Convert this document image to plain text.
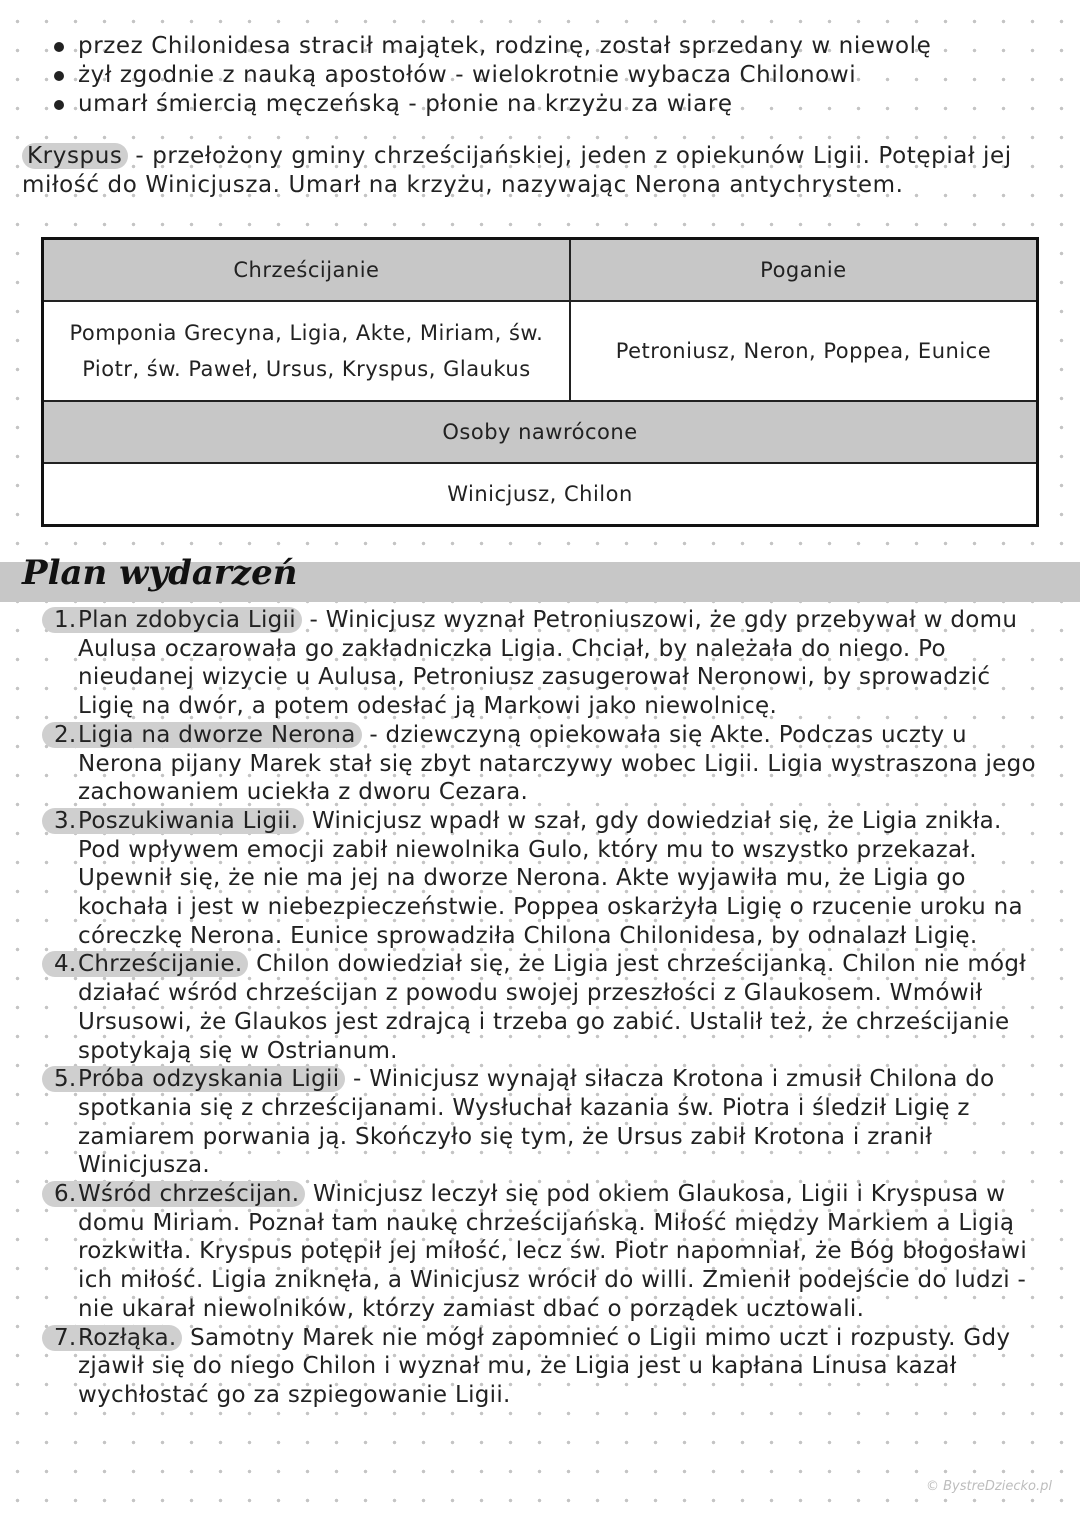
przez Chilonidesa stracił majątek, rodzinę, został sprzedany w niewolę
żył zgodnie z nauką apostołów - wielokrotnie wybacza Chilonowi
umarł śmiercią męczeńską - płonie na krzyżu za wiarę
Kryspus - przełożony gminy chrześcijańskiej, jeden z opiekunów Ligii. Potępiał jej miłość do Winicjusza. Umarł na krzyżu, nazywając Nerona antychrystem.
Chrześcijanie	Poganie
Pomponia Grecyna, Ligia, Akte, Miriam, św.
Piotr, św. Paweł, Ursus, Kryspus, Glaukus	Petroniusz, Neron, Poppea, Eunice
Osoby nawrócone	
Winicjusz, Chilon	
Plan wydarzeń
1. Plan zdobycia Ligii - Winicjusz wyznał Petroniuszowi, że gdy przebywał w domu Aulusa oczarowała go zakładniczka Ligia. Chciał, by należała do niego. Po nieudanej wizycie u Aulusa, Petroniusz zasugerował Neronowi, by sprowadzić Ligię na dwór, a potem odesłać ją Markowi jako niewolnicę.
2. Ligia na dworze Nerona - dziewczyną opiekowała się Akte. Podczas uczty u Nerona pijany Marek stał się zbyt natarczywy wobec Ligii. Ligia wystraszona jego zachowaniem uciekła z dworu Cezara.
3. Poszukiwania Ligii. Winicjusz wpadł w szał, gdy dowiedział się, że Ligia znikła. Pod wpływem emocji zabił niewolnika Gulo, który mu to wszystko przekazał. Upewnił się, że nie ma jej na dworze Nerona. Akte wyjawiła mu, że Ligia go kochała i jest w niebezpieczeństwie. Poppea oskarżyła Ligię o rzucenie uroku na córeczkę Nerona. Eunice sprowadziła Chilona Chilonidesa, by odnalazł Ligię.
4. Chrześcijanie. Chilon dowiedział się, że Ligia jest chrześcijanką. Chilon nie mógł działać wśród chrześcijan z powodu swojej przeszłości z Glaukosem. Wmówił Ursusowi, że Glaukos jest zdrajcą i trzeba go zabić. Ustalił też, że chrześcijanie spotykają się w Ostrianum.
5. Próba odzyskania Ligii - Winicjusz wynajął siłacza Krotona i zmusił Chilona do spotkania się z chrześcijanami. Wysłuchał kazania św. Piotra i śledził Ligię z zamiarem porwania ją. Skończyło się tym, że Ursus zabił Krotona i zranił Winicjusza.
6. Wśród chrześcijan. Winicjusz leczył się pod okiem Glaukosa, Ligii i Kryspusa w domu Miriam. Poznał tam naukę chrześcijańską. Miłość między Markiem a Ligią rozkwitła. Kryspus potępił jej miłość, lecz św. Piotr napomniał, że Bóg błogosławi ich miłość. Ligia zniknęła, a Winicjusz wrócił do willi. Zmienił podejście do ludzi - nie ukarał niewolników, którzy zamiast dbać o porządek ucztowali.
7. Rozłąka. Samotny Marek nie mógł zapomnieć o Ligii mimo uczt i rozpusty. Gdy zjawił się do niego Chilon i wyznał mu, że Ligia jest u kapłana Linusa kazał wychłostać go za szpiegowanie Ligii.
© BystreDziecko.pl
